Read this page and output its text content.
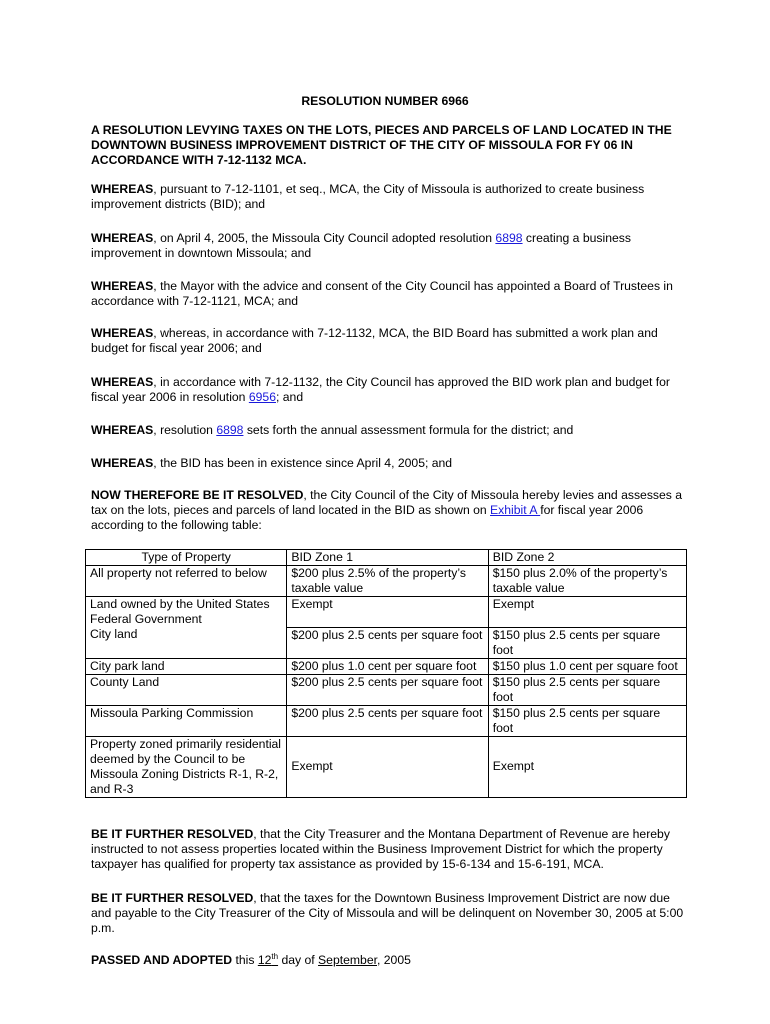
RESOLUTION NUMBER 6966

A RESOLUTION LEVYING TAXES ON THE LOTS, PIECES AND PARCELS OF LAND LOCATED IN THE DOWNTOWN BUSINESS IMPROVEMENT DISTRICT OF THE CITY OF MISSOULA FOR FY 06 IN ACCORDANCE WITH 7-12-1132 MCA.

WHEREAS, pursuant to 7-12-1101, et seq., MCA, the City of Missoula is authorized to create business improvement districts (BID); and

WHEREAS, on April 4, 2005, the Missoula City Council adopted resolution 6898 creating a business improvement in downtown Missoula; and

WHEREAS, the Mayor with the advice and consent of the City Council has appointed a Board of Trustees in accordance with 7-12-1121, MCA; and

WHEREAS, whereas, in accordance with 7-12-1132, MCA, the BID Board has submitted a work plan and budget for fiscal year 2006; and

WHEREAS, in accordance with 7-12-1132, the City Council has approved the BID work plan and budget for fiscal year 2006 in resolution 6956; and

WHEREAS, resolution 6898 sets forth the annual assessment formula for the district; and

WHEREAS, the BID has been in existence since April 4, 2005; and

NOW THEREFORE BE IT RESOLVED, the City Council of the City of Missoula hereby levies and assesses a tax on the lots, pieces and parcels of land located in the BID as shown on Exhibit A for fiscal year 2006 according to the following table:

Type of Property	BID Zone 1	BID Zone 2
All property not referred to below	$200 plus 2.5% of the property’s taxable value	$150 plus 2.0% of the property’s taxable value
Land owned by the United States Federal Government	Exempt	Exempt
City land	$200 plus 2.5 cents per square foot	$150 plus 2.5 cents per square foot
City park land	$200 plus 1.0 cent per square foot	$150 plus 1.0 cent per square foot
County Land	$200 plus 2.5 cents per square foot	$150 plus 2.5 cents per square foot
Missoula Parking Commission	$200 plus 2.5 cents per square foot	$150 plus 2.5 cents per square foot
Property zoned primarily residential deemed by the Council to be Missoula Zoning Districts R-1, R-2, and R-3	Exempt	Exempt

BE IT FURTHER RESOLVED, that the City Treasurer and the Montana Department of Revenue are hereby instructed to not assess properties located within the Business Improvement District for which the property taxpayer has qualified for property tax assistance as provided by 15-6-134 and 15-6-191, MCA.

BE IT FURTHER RESOLVED, that the taxes for the Downtown Business Improvement District are now due and payable to the City Treasurer of the City of Missoula and will be delinquent on November 30, 2005 at 5:00 p.m.

PASSED AND ADOPTED this 12th day of September, 2005
